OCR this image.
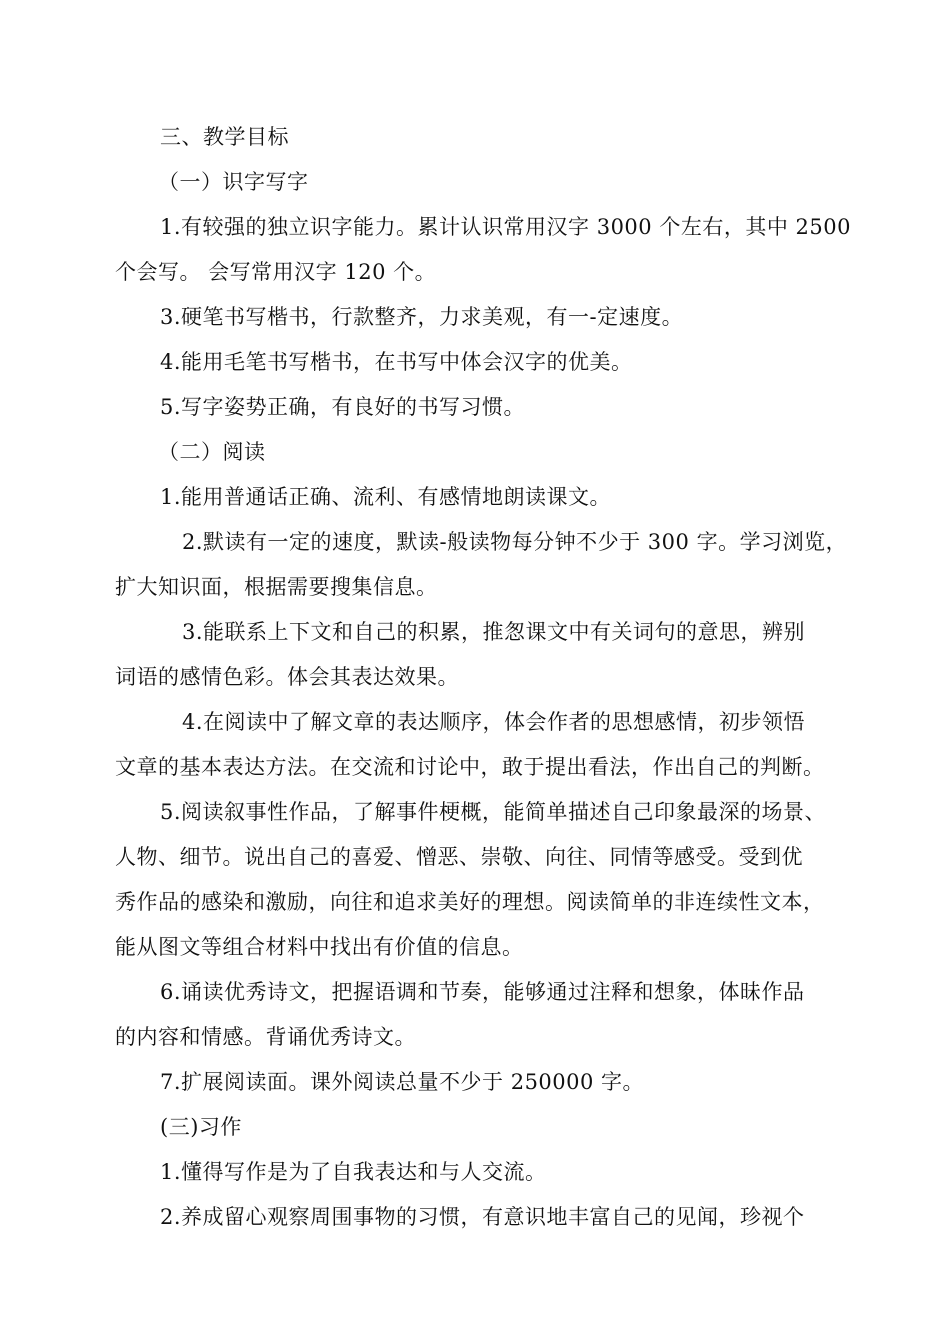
三、教学目标
（一）识字写字
1.有较强的独立识字能力。累计认识常用汉字 3000 个左右，其中 2500
个会写。 会写常用汉字 120 个。
3.硬笔书写楷书，行款整齐，力求美观，有一-定速度。
4.能用毛笔书写楷书，在书写中体会汉字的优美。
5.写字姿势正确，有良好的书写习惯。
（二）阅读
1.能用普通话正确、流利、有感情地朗读课文。
2.默读有一定的速度，默读-般读物每分钟不少于 300 字。学习浏览，
扩大知识面，根据需要搜集信息。
3.能联系上下文和自己的积累，推怱课文中有关词句的意思，辨别
词语的感情色彩。体会其表达效果。
4.在阅读中了解文章的表达顺序，体会作者的思想感情，初步领悟
文章的基本表达方法。在交流和讨论中，敢于提出看法，作出自己的判断。
5.阅读叙事性作品，了解事件梗概，能简单描述自己印象最深的场景、
人物、细节。说出自己的喜爱、憎恶、崇敬、向往、同情等感受。受到优
秀作品的感染和激励，向往和追求美好的理想。阅读简单的非连续性文本，
能从图文等组合材料中找出有价值的信息。
6.诵读优秀诗文，把握语调和节奏，能够通过注释和想象，体昧作品
的内容和情感。背诵优秀诗文。
7.扩展阅读面。课外阅读总量不少于 250000 字。
(三)习作
1.懂得写作是为了自我表达和与人交流。
2.养成留心观察周围事物的习惯，有意识地丰富自己的见闻，珍视个
